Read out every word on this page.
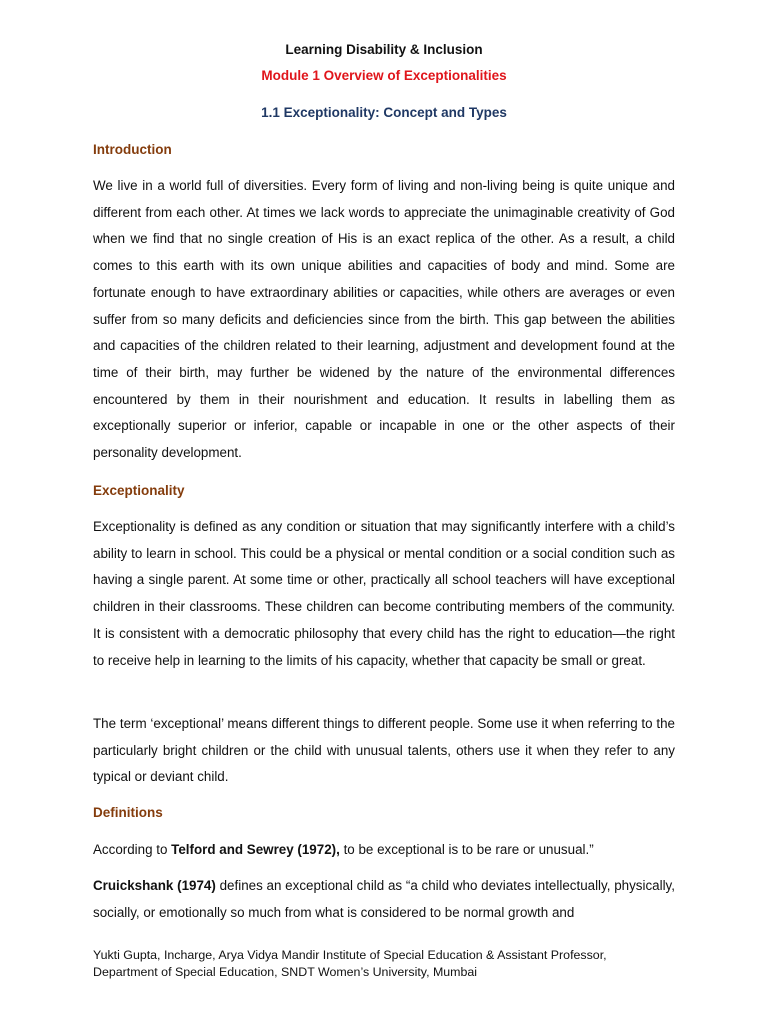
Learning Disability & Inclusion
Module 1 Overview of Exceptionalities
1.1 Exceptionality: Concept and Types
Introduction

We live in a world full of diversities. Every form of living and non-living being is quite unique and different from each other. At times we lack words to appreciate the unimaginable creativity of God when we find that no single creation of His is an exact replica of the other. As a result, a child comes to this earth with its own unique abilities and capacities of body and mind. Some are fortunate enough to have extraordinary abilities or capacities, while others are averages or even suffer from so many deficits and deficiencies since from the birth. This gap between the abilities and capacities of the children related to their learning, adjustment and development found at the time of their birth, may further be widened by the nature of the environmental differences encountered by them in their nourishment and education. It results in labelling them as exceptionally superior or inferior, capable or incapable in one or the other aspects of their personality development.

Exceptionality

Exceptionality is defined as any condition or situation that may significantly interfere with a child’s ability to learn in school. This could be a physical or mental condition or a social condition such as having a single parent. At some time or other, practically all school teachers will have exceptional children in their classrooms. These children can become contributing members of the community. It is consistent with a democratic philosophy that every child has the right to education—the right to receive help in learning to the limits of his capacity, whether that capacity be small or great.

The term ‘exceptional’ means different things to different people. Some use it when referring to the particularly bright children or the child with unusual talents, others use it when they refer to any typical or deviant child.

Definitions

According to Telford and Sewrey (1972), to be exceptional is to be rare or unusual.”

Cruickshank (1974) defines an exceptional child as “a child who deviates intellectually, physically, socially, or emotionally so much from what is considered to be normal growth and

Yukti Gupta, Incharge, Arya Vidya Mandir Institute of Special Education & Assistant Professor,
Department of Special Education, SNDT Women’s University, Mumbai
